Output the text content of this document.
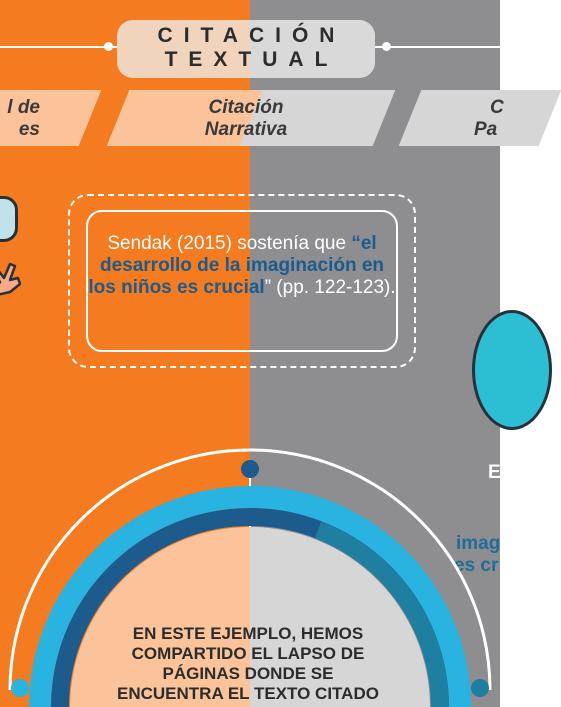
CITACIÓN
TEXTUAL
l de
es
Citación
Narrativa
C
Pa
Sendak (2015) sostenía que “el desarrollo de la imaginación en los niños es crucial” (pp. 122-123).
E
imag
es cr
EN ESTE EJEMPLO, HEMOS COMPARTIDO EL LAPSO DE PÁGINAS DONDE SE ENCUENTRA EL TEXTO CITADO
